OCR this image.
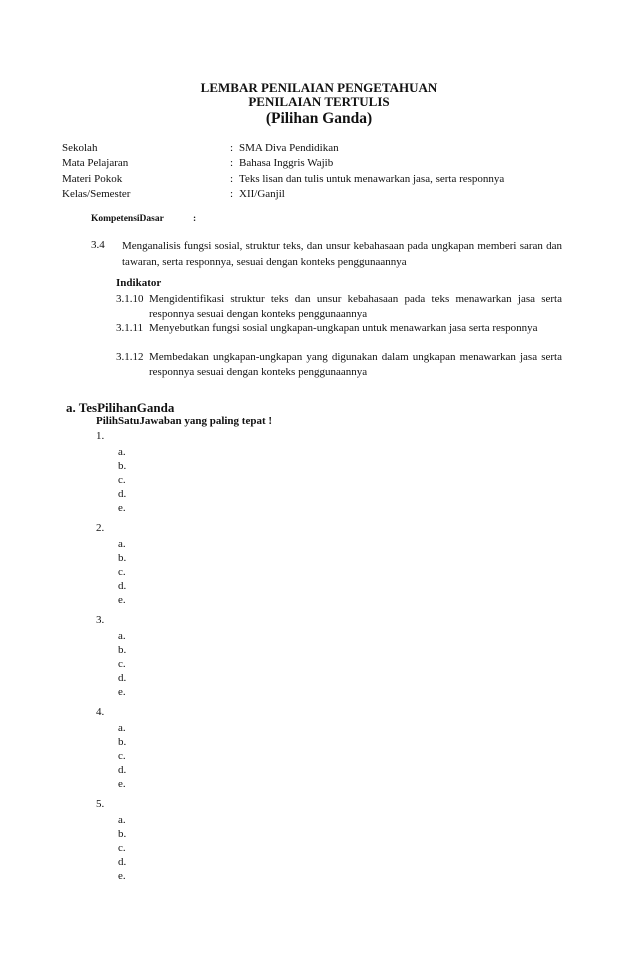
LEMBAR PENILAIAN PENGETAHUAN
PENILAIAN TERTULIS
(Pilihan Ganda)
Sekolah	: SMA Diva Pendidikan
Mata Pelajaran	: Bahasa Inggris Wajib
Materi Pokok	: Teks lisan dan tulis untuk menawarkan jasa, serta responnya
Kelas/Semester	: XII/Ganjil
KompetensiDasar	:
3.4 Menganalisis fungsi sosial, struktur teks, dan unsur kebahasaan pada ungkapan memberi saran dan tawaran, serta responnya, sesuai dengan konteks penggunaannya
Indikator
3.1.10 Mengidentifikasi struktur teks dan unsur kebahasaan pada teks menawarkan jasa serta responnya sesuai dengan konteks penggunaannya
3.1.11 Menyebutkan fungsi sosial ungkapan-ungkapan untuk menawarkan jasa serta responnya
3.1.12 Membedakan ungkapan-ungkapan yang digunakan dalam ungkapan menawarkan jasa serta responnya sesuai dengan konteks penggunaannya
a. TesPilihanGanda
PilihSatuJawaban yang paling tepat !
1.
a.
b.
c.
d.
e.
2.
a.
b.
c.
d.
e.
3.
a.
b.
c.
d.
e.
4.
a.
b.
c.
d.
e.
5.
a.
b.
c.
d.
e.
